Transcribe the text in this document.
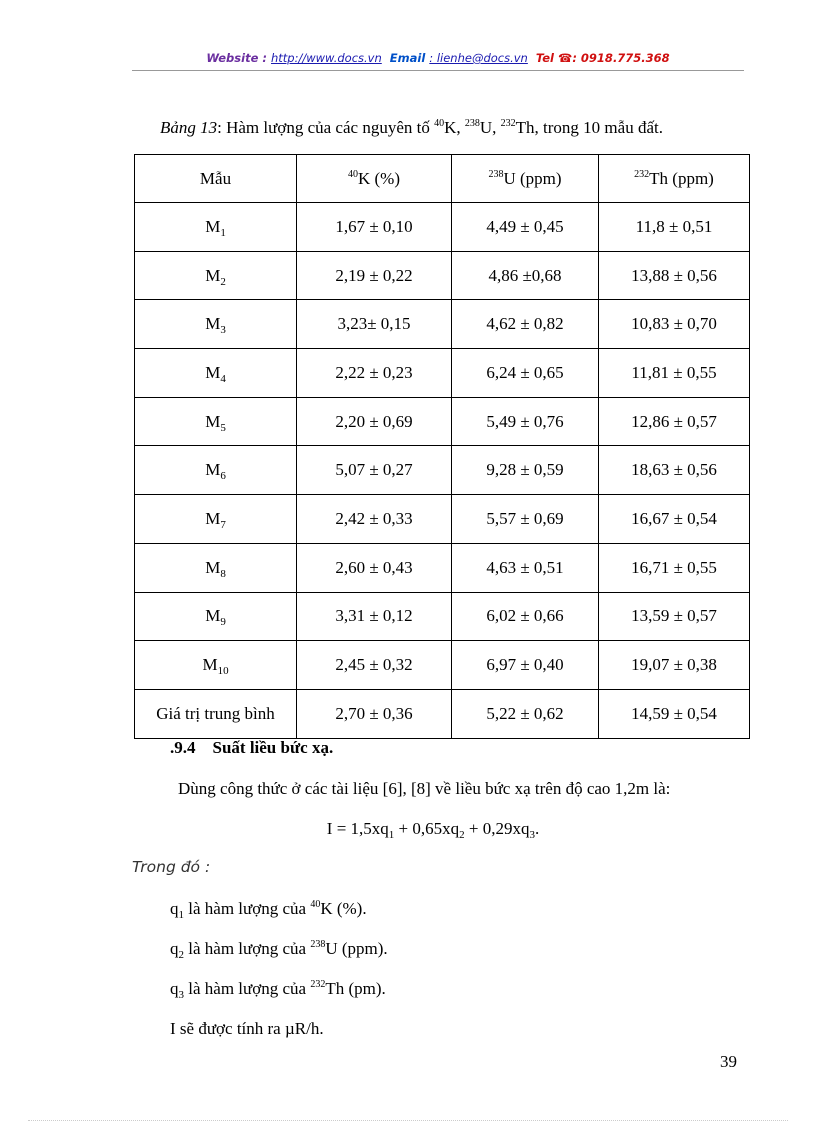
Website : http://www.docs.vn Email : lienhe@docs.vn Tel ☎: 0918.775.368
Bảng 13: Hàm lượng của các nguyên tố $^{40}$K, $^{238}$U, $^{232}$Th, trong 10 mẫu đất.
Mẫu	$^{40}$K (%)	$^{238}$U (ppm)	$^{232}$Th (ppm)
$M_1$	1,67 ± 0,10	4,49 ± 0,45	11,8 ± 0,51
$M_2$	2,19 ± 0,22	4,86 ±0,68	13,88 ± 0,56
$M_3$	3,23± 0,15	4,62 ± 0,82	10,83 ± 0,70
$M_4$	2,22 ± 0,23	6,24 ± 0,65	11,81 ± 0,55
$M_5$	2,20 ± 0,69	5,49 ± 0,76	12,86 ± 0,57
$M_6$	5,07 ± 0,27	9,28 ± 0,59	18,63 ± 0,56
$M_7$	2,42 ± 0,33	5,57 ± 0,69	16,67 ± 0,54
$M_8$	2,60 ± 0,43	4,63 ± 0,51	16,71 ± 0,55
$M_9$	3,31 ± 0,12	6,02 ± 0,66	13,59 ± 0,57
$M_{10}$	2,45 ± 0,32	6,97 ± 0,40	19,07 ± 0,38
Giá trị trung bình	2,70 ± 0,36	5,22 ± 0,62	14,59 ± 0,54
.9.4 Suất liều bức xạ.
Dùng công thức ở các tài liệu [6], [8] về liều bức xạ trên độ cao 1,2m là:
$I = 1,5xq_1 + 0,65xq_2 + 0,29xq_3$.
Trong đó :
$q_1$ là hàm lượng của $^{40}$K (%).
$q_2$ là hàm lượng của $^{238}$U (ppm).
$q_3$ là hàm lượng của $^{232}$Th (pm).
I sẽ được tính ra µR/h.
39
